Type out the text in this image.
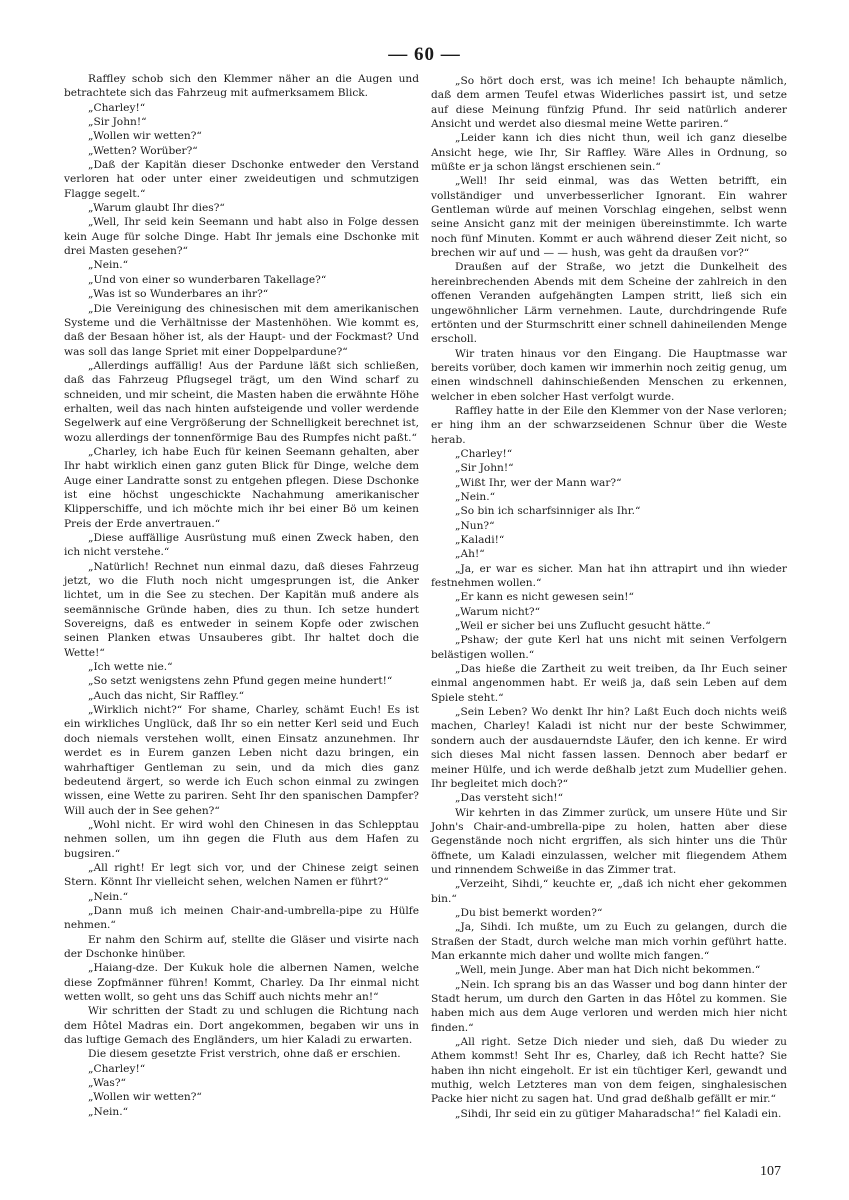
— 60 —

Raffley schob sich den Klemmer näher an die Augen und betrachtete sich das Fahrzeug mit aufmerksamem Blick.

„Charley!“

„Sir John!“

„Wollen wir wetten?“

„Wetten? Worüber?“

„Daß der Kapitän dieser Dschonke entweder den Verstand verloren hat oder unter einer zweideutigen und schmutzigen Flagge segelt.“

„Warum glaubt Ihr dies?“

„Well, Ihr seid kein Seemann und habt also in Folge dessen kein Auge für solche Dinge. Habt Ihr jemals eine Dschonke mit drei Masten gesehen?“

„Nein.“

„Und von einer so wunderbaren Takellage?“

„Was ist so Wunderbares an ihr?“

„Die Vereinigung des chinesischen mit dem amerikanischen Systeme und die Verhältnisse der Mastenhöhen. Wie kommt es, daß der Besaan höher ist, als der Haupt- und der Fockmast? Und was soll das lange Spriet mit einer Doppelpardune?“

„Allerdings auffällig! Aus der Pardune läßt sich schließen, daß das Fahrzeug Pflugsegel trägt, um den Wind scharf zu schneiden, und mir scheint, die Masten haben die erwähnte Höhe erhalten, weil das nach hinten aufsteigende und voller werdende Segelwerk auf eine Vergrößerung der Schnelligkeit berechnet ist, wozu allerdings der tonnenförmige Bau des Rumpfes nicht paßt.“

„Charley, ich habe Euch für keinen Seemann gehalten, aber Ihr habt wirklich einen ganz guten Blick für Dinge, welche dem Auge einer Landratte sonst zu entgehen pflegen. Diese Dschonke ist eine höchst ungeschickte Nachahmung amerikanischer Klipperschiffe, und ich möchte mich ihr bei einer Bö um keinen Preis der Erde anvertrauen.“

„Diese auffällige Ausrüstung muß einen Zweck haben, den ich nicht verstehe.“

„Natürlich! Rechnet nun einmal dazu, daß dieses Fahrzeug jetzt, wo die Fluth noch nicht umgesprungen ist, die Anker lichtet, um in die See zu stechen. Der Kapitän muß andere als seemännische Gründe haben, dies zu thun. Ich setze hundert Sovereigns, daß es entweder in seinem Kopfe oder zwischen seinen Planken etwas Unsauberes gibt. Ihr haltet doch die Wette!“

„Ich wette nie.“

„So setzt wenigstens zehn Pfund gegen meine hundert!“

„Auch das nicht, Sir Raffley.“

„Wirklich nicht?“ For shame, Charley, schämt Euch! Es ist ein wirkliches Unglück, daß Ihr so ein netter Kerl seid und Euch doch niemals verstehen wollt, einen Einsatz anzunehmen. Ihr werdet es in Eurem ganzen Leben nicht dazu bringen, ein wahrhaftiger Gentleman zu sein, und da mich dies ganz bedeutend ärgert, so werde ich Euch schon einmal zu zwingen wissen, eine Wette zu pariren. Seht Ihr den spanischen Dampfer? Will auch der in See gehen?“

„Wohl nicht. Er wird wohl den Chinesen in das Schlepptau nehmen sollen, um ihn gegen die Fluth aus dem Hafen zu bugsiren.“

„All right! Er legt sich vor, und der Chinese zeigt seinen Stern. Könnt Ihr vielleicht sehen, welchen Namen er führt?“

„Nein.“

„Dann muß ich meinen Chair-and-umbrella-pipe zu Hülfe nehmen.“

Er nahm den Schirm auf, stellte die Gläser und visirte nach der Dschonke hinüber.

„Haiang-dze. Der Kukuk hole die albernen Namen, welche diese Zopfmänner führen! Kommt, Charley. Da Ihr einmal nicht wetten wollt, so geht uns das Schiff auch nichts mehr an!“

Wir schritten der Stadt zu und schlugen die Richtung nach dem Hôtel Madras ein. Dort angekommen, begaben wir uns in das luftige Gemach des Engländers, um hier Kaladi zu erwarten.

Die diesem gesetzte Frist verstrich, ohne daß er erschien.

„Charley!“

„Was?“

„Wollen wir wetten?“

„Nein.“

„So hört doch erst, was ich meine! Ich behaupte nämlich, daß dem armen Teufel etwas Widerliches passirt ist, und setze auf diese Meinung fünfzig Pfund. Ihr seid natürlich anderer Ansicht und werdet also diesmal meine Wette pariren.“

„Leider kann ich dies nicht thun, weil ich ganz dieselbe Ansicht hege, wie Ihr, Sir Raffley. Wäre Alles in Ordnung, so müßte er ja schon längst erschienen sein.“

„Well! Ihr seid einmal, was das Wetten betrifft, ein vollständiger und unverbesserlicher Ignorant. Ein wahrer Gentleman würde auf meinen Vorschlag eingehen, selbst wenn seine Ansicht ganz mit der meinigen übereinstimmte. Ich warte noch fünf Minuten. Kommt er auch während dieser Zeit nicht, so brechen wir auf und — — hush, was geht da draußen vor?“

Draußen auf der Straße, wo jetzt die Dunkelheit des hereinbrechenden Abends mit dem Scheine der zahlreich in den offenen Veranden aufgehängten Lampen stritt, ließ sich ein ungewöhnlicher Lärm vernehmen. Laute, durchdringende Rufe ertönten und der Sturmschritt einer schnell dahineilenden Menge erscholl.

Wir traten hinaus vor den Eingang. Die Hauptmasse war bereits vorüber, doch kamen wir immerhin noch zeitig genug, um einen windschnell dahinschießenden Menschen zu erkennen, welcher in eben solcher Hast verfolgt wurde.

Raffley hatte in der Eile den Klemmer von der Nase verloren; er hing ihm an der schwarzseidenen Schnur über die Weste herab.

„Charley!“

„Sir John!“

„Wißt Ihr, wer der Mann war?“

„Nein.“

„So bin ich scharfsinniger als Ihr.“

„Nun?“

„Kaladi!“

„Ah!“

„Ja, er war es sicher. Man hat ihn attrapirt und ihn wieder festnehmen wollen.“

„Er kann es nicht gewesen sein!“

„Warum nicht?“

„Weil er sicher bei uns Zuflucht gesucht hätte.“

„Pshaw; der gute Kerl hat uns nicht mit seinen Verfolgern belästigen wollen.“

„Das hieße die Zartheit zu weit treiben, da Ihr Euch seiner einmal angenommen habt. Er weiß ja, daß sein Leben auf dem Spiele steht.“

„Sein Leben? Wo denkt Ihr hin? Laßt Euch doch nichts weiß machen, Charley! Kaladi ist nicht nur der beste Schwimmer, sondern auch der ausdauerndste Läufer, den ich kenne. Er wird sich dieses Mal nicht fassen lassen. Dennoch aber bedarf er meiner Hülfe, und ich werde deßhalb jetzt zum Mudellier gehen. Ihr begleitet mich doch?“

„Das versteht sich!“

Wir kehrten in das Zimmer zurück, um unsere Hüte und Sir John's Chair-and-umbrella-pipe zu holen, hatten aber diese Gegenstände noch nicht ergriffen, als sich hinter uns die Thür öffnete, um Kaladi einzulassen, welcher mit fliegendem Athem und rinnendem Schweiße in das Zimmer trat.

„Verzeiht, Sihdi,“ keuchte er, „daß ich nicht eher gekommen bin.“

„Du bist bemerkt worden?“

„Ja, Sihdi. Ich mußte, um zu Euch zu gelangen, durch die Straßen der Stadt, durch welche man mich vorhin geführt hatte. Man erkannte mich daher und wollte mich fangen.“

„Well, mein Junge. Aber man hat Dich nicht bekommen.“

„Nein. Ich sprang bis an das Wasser und bog dann hinter der Stadt herum, um durch den Garten in das Hôtel zu kommen. Sie haben mich aus dem Auge verloren und werden mich hier nicht finden.“

„All right. Setze Dich nieder und sieh, daß Du wieder zu Athem kommst! Seht Ihr es, Charley, daß ich Recht hatte? Sie haben ihn nicht eingeholt. Er ist ein tüchtiger Kerl, gewandt und muthig, welch Letzteres man von dem feigen, singhalesischen Packe hier nicht zu sagen hat. Und grad deßhalb gefällt er mir.“

„Sihdi, Ihr seid ein zu gütiger Maharadscha!“ fiel Kaladi ein.

107
